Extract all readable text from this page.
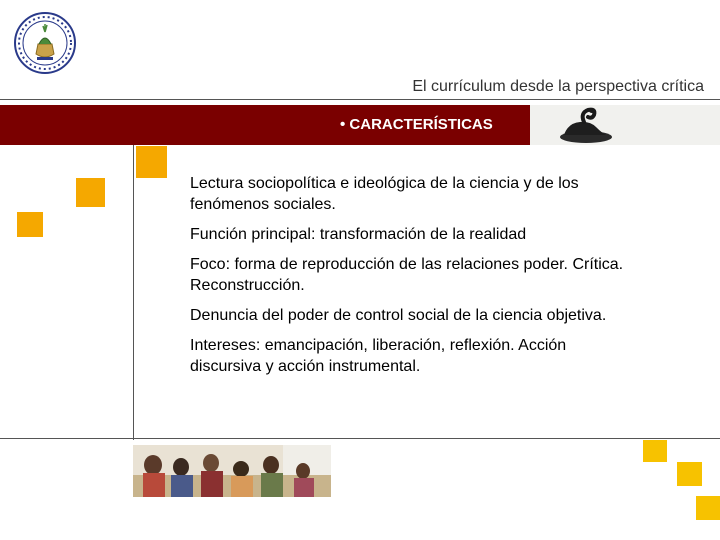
El currículum desde la perspectiva crítica
• CARACTERÍSTICAS

Lectura sociopolítica e ideológica de la ciencia y de los fenómenos sociales.

Función principal: transformación de la realidad

Foco: forma de reproducción de las relaciones poder. Crítica. Reconstrucción.

Denuncia del poder de control social de la ciencia objetiva.

Intereses: emancipación, liberación, reflexión. Acción discursiva y acción instrumental.
